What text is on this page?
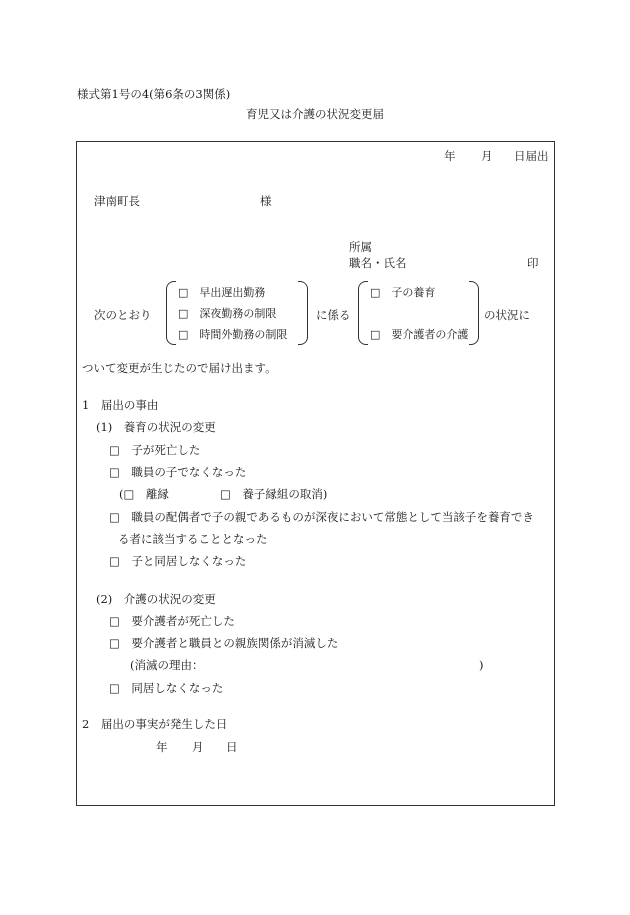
様式第1号の4(第6条の3関係)
育児又は介護の状況変更届
年 月 日届出
津南町長	様
所属
職名・氏名	印
次のとおり
□　早出遅出勤務
□　深夜勤務の制限
□　時間外勤務の制限
に係る
□　子の養育
□　要介護者の介護
の状況に
ついて変更が生じたので届け出ます。
1　届出の事由
(1)　養育の状況の変更
□　子が死亡した
□　職員の子でなくなった
(□　離縁	□　養子縁組の取消)
□　職員の配偶者で子の親であるものが深夜において常態として当該子を養育でき
る者に該当することとなった
□　子と同居しなくなった
(2)　介護の状況の変更
□　要介護者が死亡した
□　要介護者と職員との親族関係が消滅した
(消滅の理由：	)
□　同居しなくなった
2　届出の事実が発生した日
年 月 日
